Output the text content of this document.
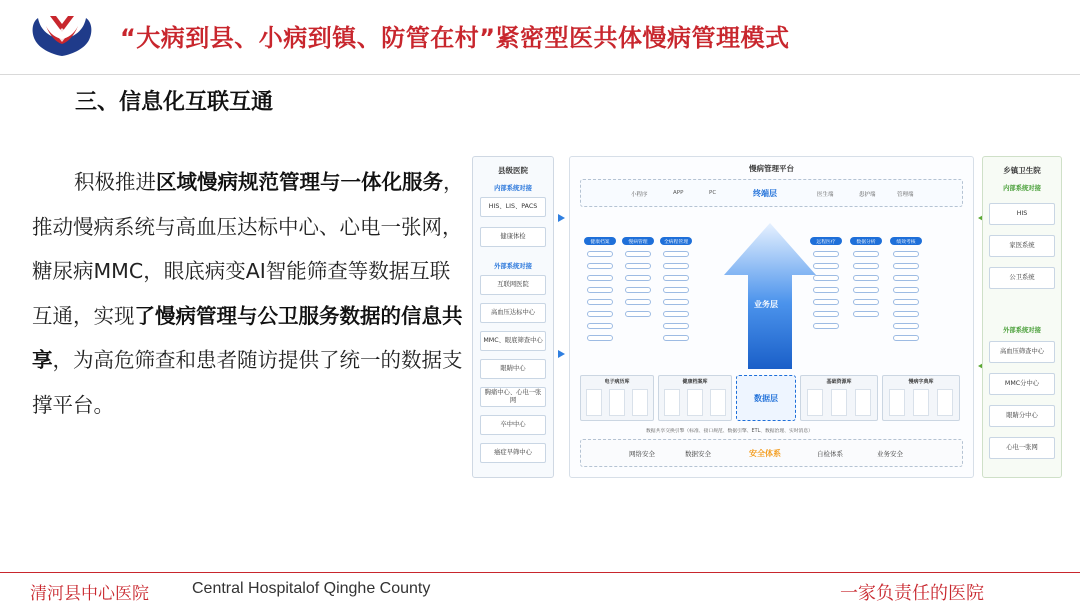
“大病到县、小病到镇、防管在村”紧密型医共体慢病管理模式
三、信息化互联互通

积极推进区域慢病规范管理与一体化服务，推动慢病系统与高血压达标中心、心电一张网，糖尿病MMC，眼底病变AI智能筛查等数据互联互通，实现了慢病管理与公卫服务数据的信息共享，为高危筛查和患者随访提供了统一的数据支撑平台。

县级医院
内部系统对接
HIS、LIS、PACS
健康体检
外部系统对接
互联网医院
高血压达标中心
MMC、眼底筛查中心
眼睛中心
胸痛中心、心电一张网
卒中中心
癌症早筛中心
慢病管理平台
小程序	APP	PC	终端层	医生端	患护端	管理端
健康档案	慢病管理	全病程管理
业务层
远程医疗	数据分析	绩效考核
电子病历库	健康档案库
数据层
基础资源库	慢病字典库
数据共享交换引擎（标准、接口规范、数据引擎、ETL、数据治理、实时消息）
网络安全	数据安全	安全体系	自检体系	业务安全
乡镇卫生院
内部系统对接
HIS
家医系统
公卫系统
外部系统对接
高血压筛查中心
MMC分中心
眼睛分中心
心电一张网
清河县中心医院	Central Hospitalof Qinghe County	一家负责任的医院
